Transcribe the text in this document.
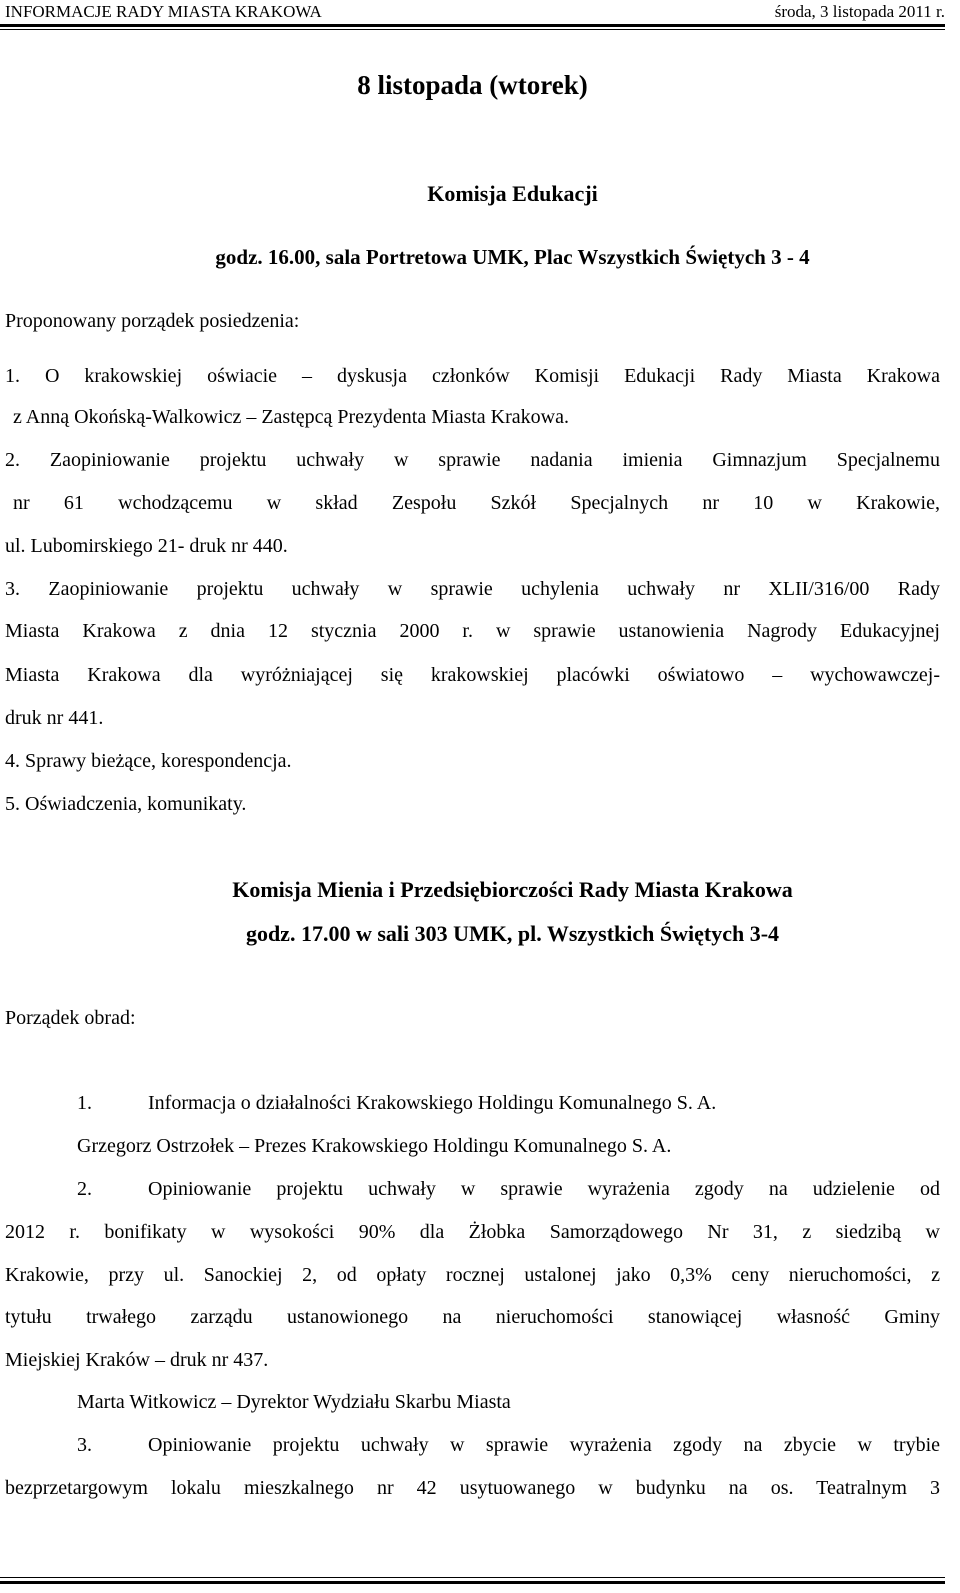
INFORMACJE RADY MIASTA KRAKOWA	środa, 3 listopada 2011 r.
8 listopada (wtorek)
Komisja Edukacji
godz. 16.00, sala Portretowa UMK, Plac Wszystkich Świętych 3 - 4
Proponowany porządek posiedzenia:
1. O krakowskiej oświacie – dyskusja członków Komisji Edukacji Rady Miasta Krakowa
z Anną Okońską-Walkowicz – Zastępcą Prezydenta Miasta Krakowa.
2. Zaopiniowanie projektu uchwały w sprawie nadania imienia Gimnazjum Specjalnemu
nr 61 wchodzącemu w skład Zespołu Szkół Specjalnych nr 10 w Krakowie,
ul. Lubomirskiego 21- druk nr 440.
3. Zaopiniowanie projektu uchwały w sprawie uchylenia uchwały nr XLII/316/00 Rady
Miasta Krakowa z dnia 12 stycznia 2000 r. w sprawie ustanowienia Nagrody Edukacyjnej
Miasta Krakowa dla wyróżniającej się krakowskiej placówki oświatowo – wychowawczej-
druk nr 441.
4. Sprawy bieżące, korespondencja.
5. Oświadczenia, komunikaty.
Komisja Mienia i Przedsiębiorczości Rady Miasta Krakowa
godz. 17.00 w sali 303 UMK, pl. Wszystkich Świętych 3-4
Porządek obrad:
1.	Informacja o działalności Krakowskiego Holdingu Komunalnego S. A.
Grzegorz Ostrzołek – Prezes Krakowskiego Holdingu Komunalnego S. A.
2.	Opiniowanie projektu uchwały w sprawie wyrażenia zgody na udzielenie od
2012 r. bonifikaty w wysokości 90% dla Żłobka Samorządowego Nr 31, z siedzibą w
Krakowie, przy ul. Sanockiej 2, od opłaty rocznej ustalonej jako 0,3% ceny nieruchomości, z
tytułu trwałego zarządu ustanowionego na nieruchomości stanowiącej własność Gminy
Miejskiej Kraków – druk nr 437.
Marta Witkowicz – Dyrektor Wydziału Skarbu Miasta
3.	Opiniowanie projektu uchwały w sprawie wyrażenia zgody na zbycie w trybie
bezprzetargowym lokalu mieszkalnego nr 42 usytuowanego w budynku na os. Teatralnym 3
